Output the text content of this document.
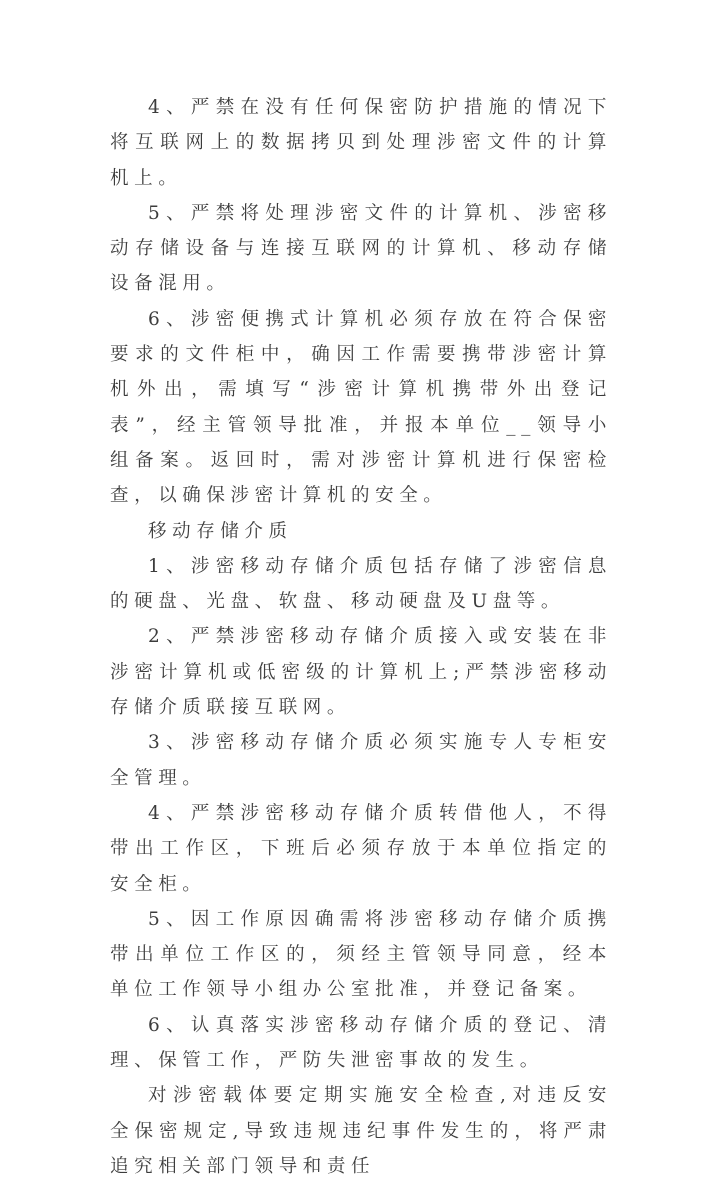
4、严禁在没有任何保密防护措施的情况下将互联网上的数据拷贝到处理涉密文件的计算机上。

5、严禁将处理涉密文件的计算机、涉密移动存储设备与连接互联网的计算机、移动存储设备混用。

6、涉密便携式计算机必须存放在符合保密要求的文件柜中，确因工作需要携带涉密计算机外出，需填写“涉密计算机携带外出登记表”，经主管领导批准，并报本单位__领导小组备案。返回时，需对涉密计算机进行保密检查，以确保涉密计算机的安全。

移动存储介质

1、涉密移动存储介质包括存储了涉密信息的硬盘、光盘、软盘、移动硬盘及U盘等。

2、严禁涉密移动存储介质接入或安装在非涉密计算机或低密级的计算机上;严禁涉密移动存储介质联接互联网。

3、涉密移动存储介质必须实施专人专柜安全管理。

4、严禁涉密移动存储介质转借他人，不得带出工作区，下班后必须存放于本单位指定的安全柜。

5、因工作原因确需将涉密移动存储介质携带出单位工作区的，须经主管领导同意，经本单位工作领导小组办公室批准，并登记备案。

6、认真落实涉密移动存储介质的登记、清理、保管工作，严防失泄密事故的发生。

对涉密载体要定期实施安全检查,对违反安全保密规定,导致违规违纪事件发生的，将严肃追究相关部门领导和责任
